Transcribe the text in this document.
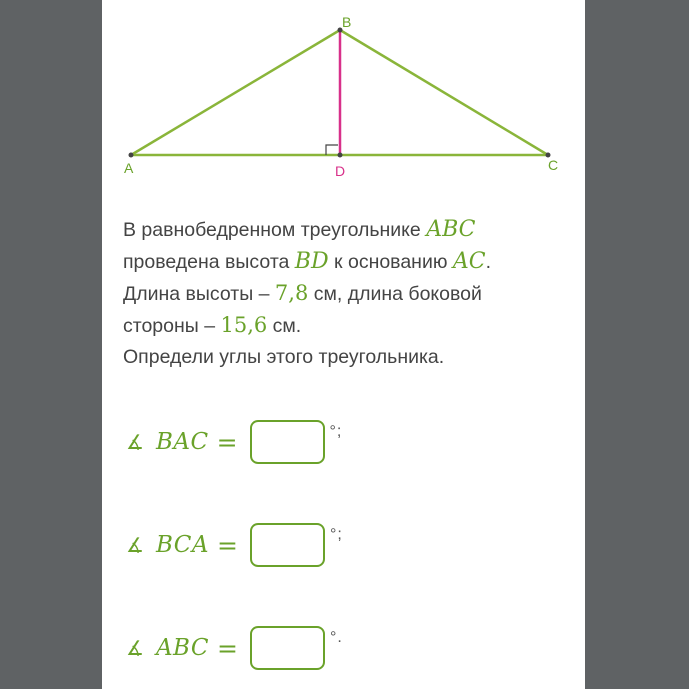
A
B
C
D
В равнобедренном треугольнике ABC
проведена высота BD к основанию AC.
Длина высоты – 7,8 см, длина боковой
стороны – 15,6 см.
Определи углы этого треугольника.
∡ BAC =	°;
∡ BCA =	°;
∡ ABC =	°.
